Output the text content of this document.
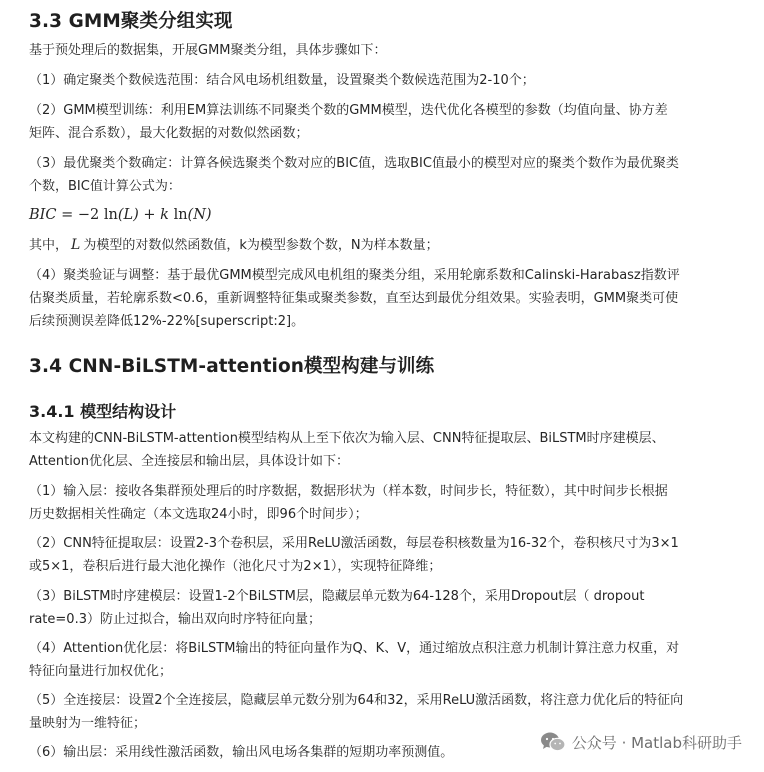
3.3 GMM聚类分组实现

基于预处理后的数据集，开展GMM聚类分组，具体步骤如下：

（1）确定聚类个数候选范围：结合风电场机组数量，设置聚类个数候选范围为2-10个；

（2）GMM模型训练：利用EM算法训练不同聚类个数的GMM模型，迭代优化各模型的参数（均值向量、协方差

矩阵、混合系数），最大化数据的对数似然函数；

（3）最优聚类个数确定：计算各候选聚类个数对应的BIC值，选取BIC值最小的模型对应的聚类个数作为最优聚类

个数，BIC值计算公式为：

BIC = −2 ln(L) + k ln(N)

其中， L 为模型的对数似然函数值，k为模型参数个数，N为样本数量；

（4）聚类验证与调整：基于最优GMM模型完成风电机组的聚类分组，采用轮廓系数和Calinski-Harabasz指数评

估聚类质量，若轮廓系数<0.6，重新调整特征集或聚类参数，直至达到最优分组效果。实验表明，GMM聚类可使

后续预测误差降低12%-22%[superscript:2]。

3.4 CNN-BiLSTM-attention模型构建与训练
3.4.1 模型结构设计

本文构建的CNN-BiLSTM-attention模型结构从上至下依次为输入层、CNN特征提取层、BiLSTM时序建模层、

Attention优化层、全连接层和输出层，具体设计如下：

（1）输入层：接收各集群预处理后的时序数据，数据形状为（样本数，时间步长，特征数），其中时间步长根据

历史数据相关性确定（本文选取24小时，即96个时间步）；

（2）CNN特征提取层：设置2-3个卷积层，采用ReLU激活函数，每层卷积核数量为16-32个，卷积核尺寸为3×1

或5×1，卷积后进行最大池化操作（池化尺寸为2×1），实现特征降维；

（3）BiLSTM时序建模层：设置1-2个BiLSTM层，隐藏层单元数为64-128个，采用Dropout层（ dropout

rate=0.3）防止过拟合，输出双向时序特征向量；

（4）Attention优化层：将BiLSTM输出的特征向量作为Q、K、V，通过缩放点积注意力机制计算注意力权重，对

特征向量进行加权优化；

（5）全连接层：设置2个全连接层，隐藏层单元数分别为64和32，采用ReLU激活函数，将注意力优化后的特征向

量映射为一维特征；

（6）输出层：采用线性激活函数，输出风电场各集群的短期功率预测值。

公众号 · Matlab科研助手
